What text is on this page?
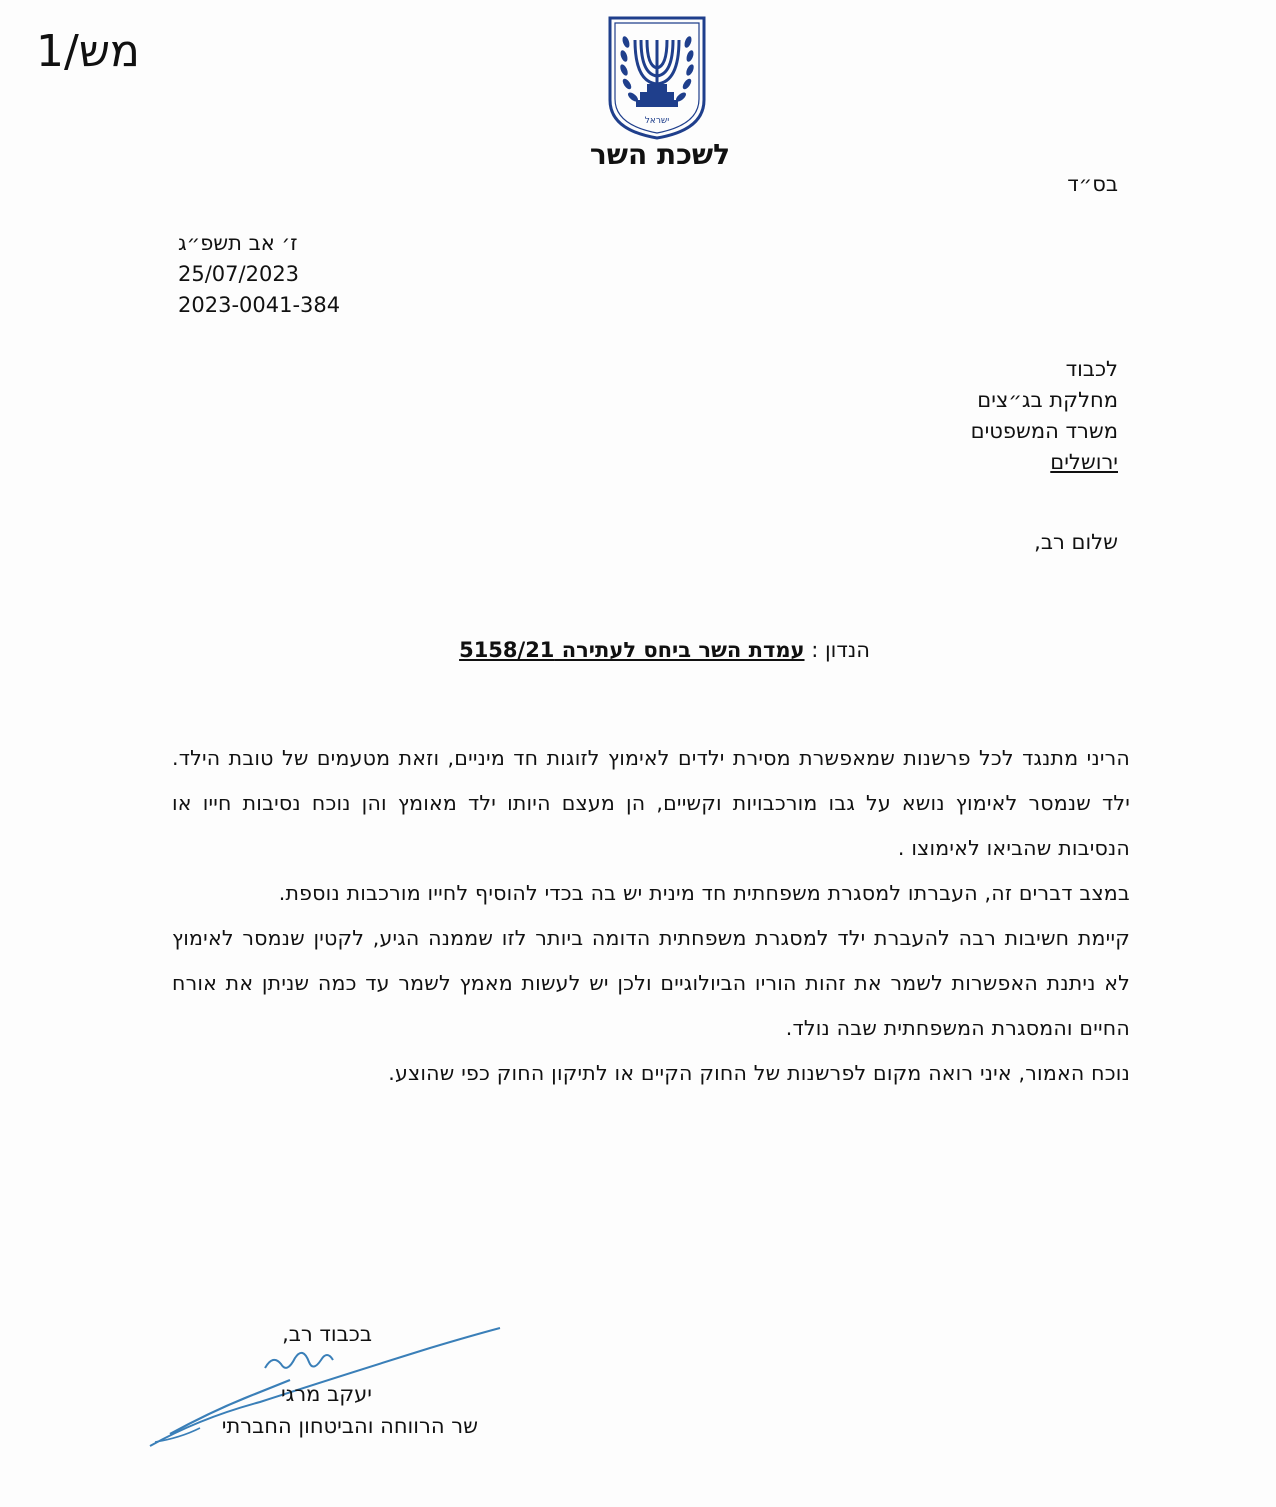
מש/1
ישראל
לשכת השר
בס״ד
ז׳ אב תשפ״ג
25/07/2023
2023-0041-384
לכבוד
מחלקת בג״צים
משרד המשפטים
ירושלים
שלום רב,
הנדון : עמדת השר ביחס לעתירה 5158/21

הריני מתנגד לכל פרשנות שמאפשרת מסירת ילדים לאימוץ לזוגות חד מיניים, וזאת מטעמים של טובת הילד. ילד שנמסר לאימוץ נושא על גבו מורכבויות וקשיים, הן מעצם היותו ילד מאומץ והן נוכח נסיבות חייו או הנסיבות שהביאו לאימוצו .

במצב דברים זה, העברתו למסגרת משפחתית חד מינית יש בה בכדי להוסיף לחייו מורכבות נוספת.

קיימת חשיבות רבה להעברת ילד למסגרת משפחתית הדומה ביותר לזו שממנה הגיע, לקטין שנמסר לאימוץ לא ניתנת האפשרות לשמר את זהות הוריו הביולוגיים ולכן יש לעשות מאמץ לשמר עד כמה שניתן את אורח החיים והמסגרת המשפחתית שבה נולד.

נוכח האמור, איני רואה מקום לפרשנות של החוק הקיים או לתיקון החוק כפי שהוצע.

בכבוד רב,
יעקב מרגי
שר הרווחה והביטחון החברתי
